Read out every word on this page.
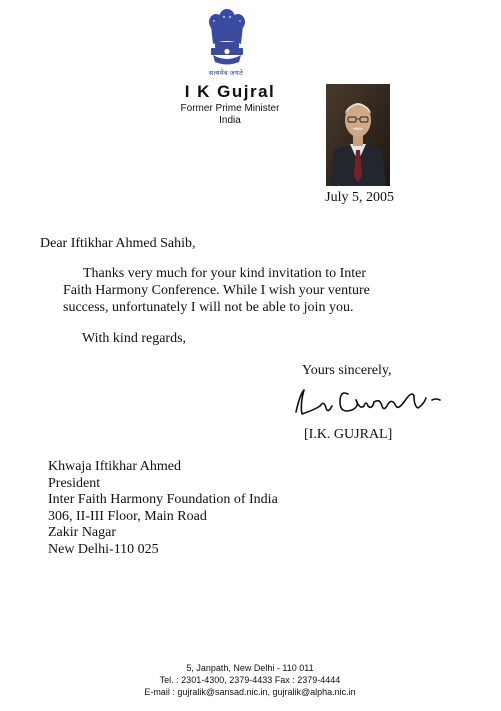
सत्यमेव जयते
I K Gujral
Former Prime Minister
India
July 5, 2005
Dear Iftikhar Ahmed Sahib,
Thanks very much for your kind invitation to Inter
Faith Harmony Conference. While I wish your venture
success, unfortunately I will not be able to join you.
With kind regards,
Yours sincerely,
[I.K. GUJRAL]
Khwaja Iftikhar Ahmed
President
Inter Faith Harmony Foundation of India
306, II-III Floor, Main Road
Zakir Nagar
New Delhi-110 025
5, Janpath, New Delhi - 110 011
Tel. : 2301-4300, 2379-4433 Fax : 2379-4444
E-mail : gujralik@sansad.nic.in, gujralik@alpha.nic.in
